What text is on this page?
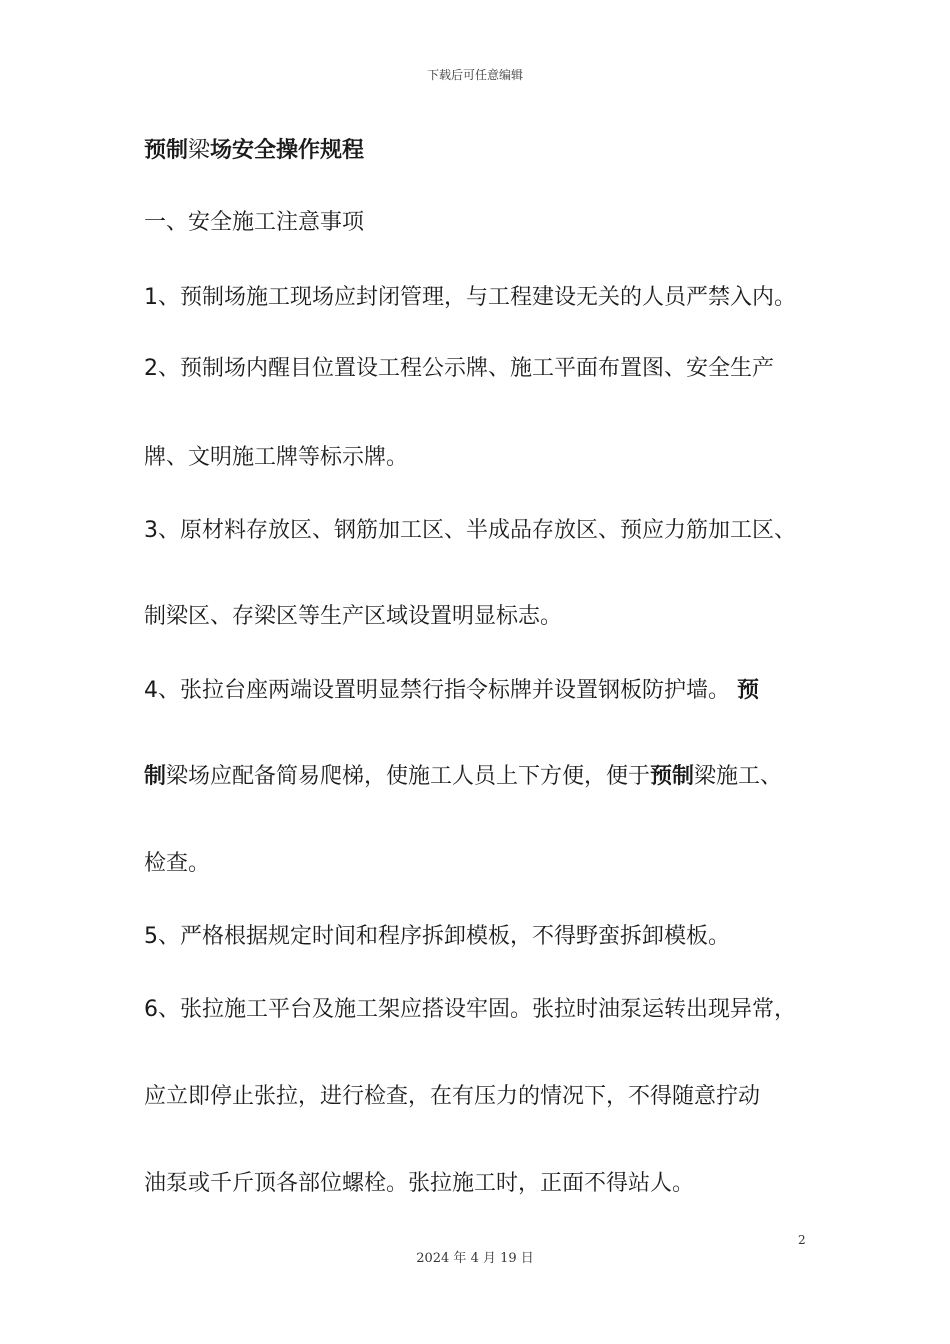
下载后可任意编辑
预制梁场安全操作规程
一、安全施工注意事项
1、预制场施工现场应封闭管理，与工程建设无关的人员严禁入内。
2、预制场内醒目位置设工程公示牌、施工平面布置图、安全生产
牌、文明施工牌等标示牌。
3、原材料存放区、钢筋加工区、半成品存放区、预应力筋加工区、
制梁区、存梁区等生产区域设置明显标志。
4、张拉台座两端设置明显禁行指令标牌并设置钢板防护墙。 预
制梁场应配备简易爬梯，使施工人员上下方便，便于预制梁施工、
检查。
5、严格根据规定时间和程序拆卸模板，不得野蛮拆卸模板。
6、张拉施工平台及施工架应搭设牢固。张拉时油泵运转出现异常，
应立即停止张拉，进行检查，在有压力的情况下，不得随意拧动
油泵或千斤顶各部位螺栓。张拉施工时，正面不得站人。
2
2024 年 4 月 19 日
